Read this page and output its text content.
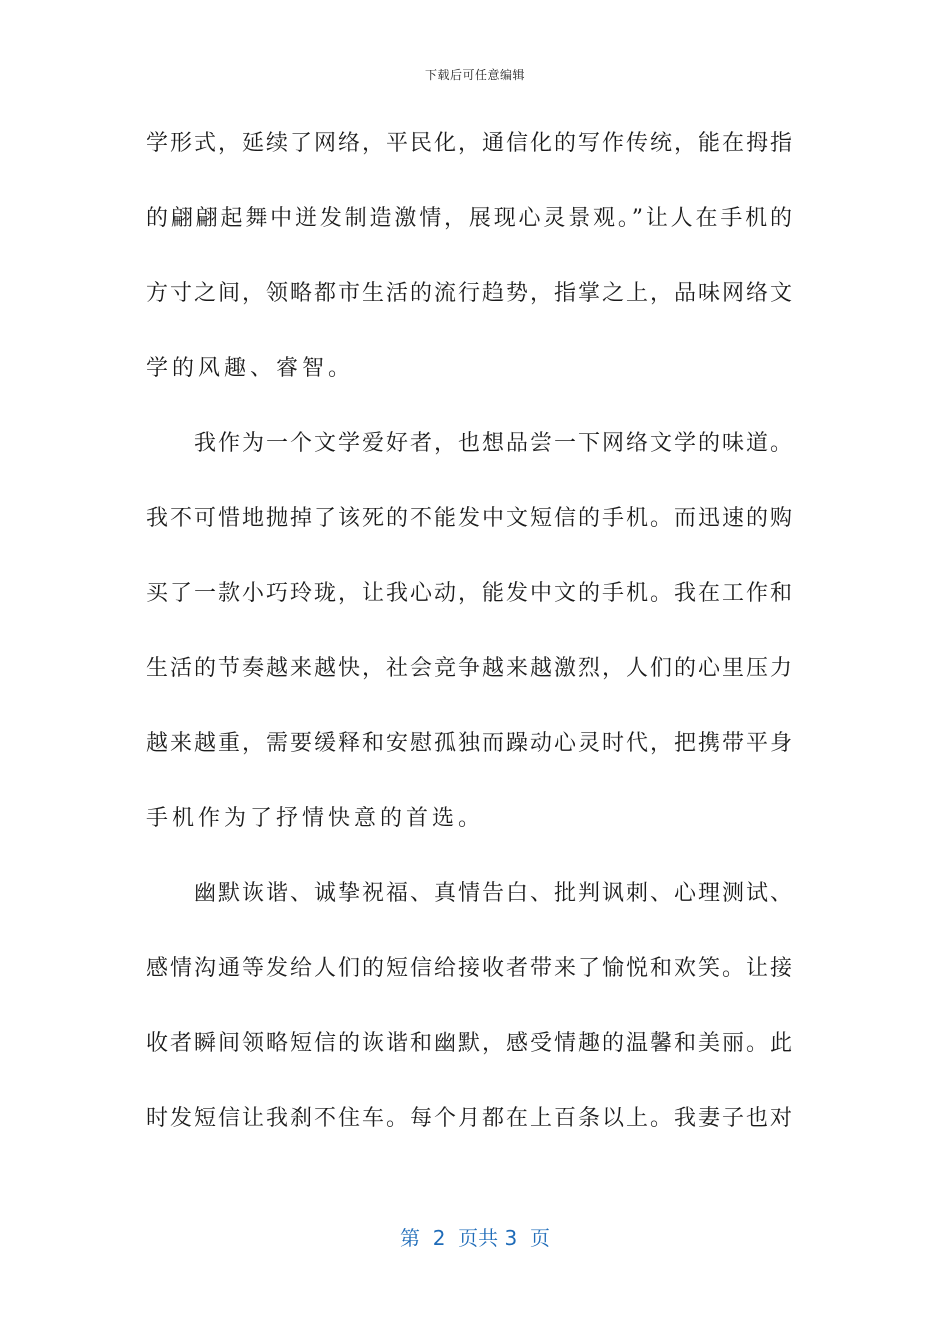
下载后可任意编辑
学形式，延续了网络，平民化，通信化的写作传统，能在拇指
的翩翩起舞中迸发制造激情，展现心灵景观。”让人在手机的
方寸之间，领略都市生活的流行趋势，指掌之上，品味网络文
学的风趣、睿智。
我作为一个文学爱好者，也想品尝一下网络文学的味道。
我不可惜地抛掉了该死的不能发中文短信的手机。而迅速的购
买了一款小巧玲珑，让我心动，能发中文的手机。我在工作和
生活的节奏越来越快，社会竞争越来越激烈，人们的心里压力
越来越重，需要缓释和安慰孤独而躁动心灵时代，把携带平身
手机作为了抒情快意的首选。
幽默诙谐、诚挚祝福、真情告白、批判讽刺、心理测试、
感情沟通等发给人们的短信给接收者带来了愉悦和欢笑。让接
收者瞬间领略短信的诙谐和幽默，感受情趣的温馨和美丽。此
时发短信让我刹不住车。每个月都在上百条以上。我妻子也对
第  2  页共 3  页
